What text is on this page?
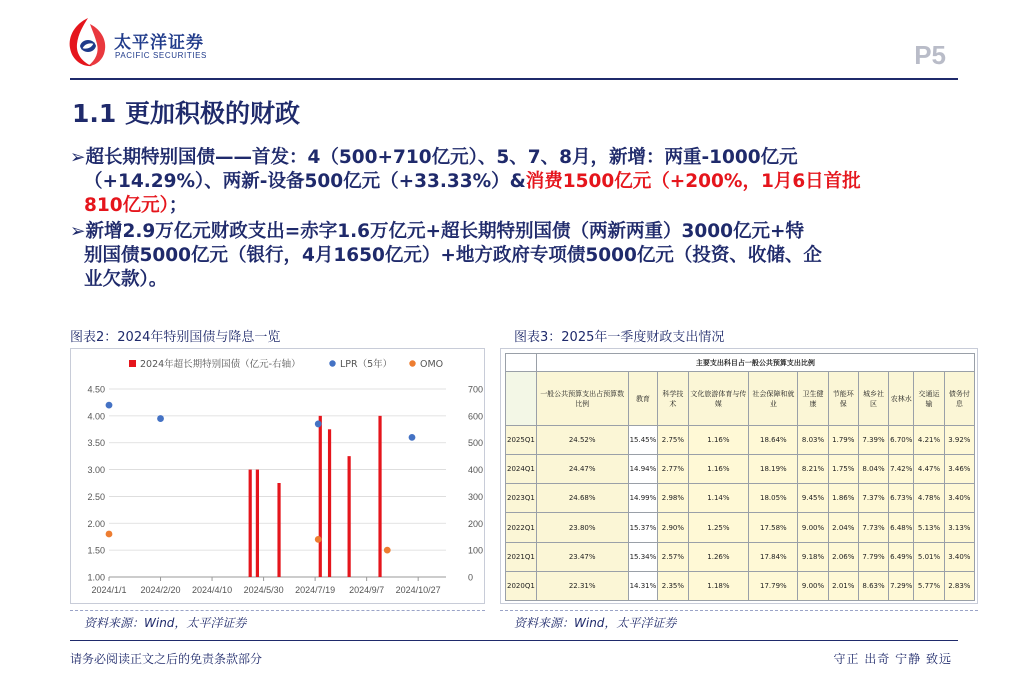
太平洋证券
PACIFIC SECURITIES	P5
1.1 更加积极的财政
➢超长期特别国债——首发：4（500+710亿元）、5、7、8月，新增：两重-1000亿元
（+14.29%）、两新-设备500亿元（+33.33%）&消费1500亿元（+200%，1月6日首批
810亿元）；
➢新增2.9万亿元财政支出=赤字1.6万亿元+超长期特别国债（两新两重）3000亿元+特
别国债5000亿元（银行，4月1650亿元）+地方政府专项债5000亿元（投资、收储、企
业欠款）。
图表2：2024年特别国债与降息一览	图表3：2025年一季度财政支出情况
2024年超长期特别国债（亿元-右轴）	LPR（5年）	OMO
1.00
1.50
2.00
2.50
3.00
3.50
4.00
4.50
0
100
200
300
400
500
600
700
2024/1/1 2024/2/20 2024/4/10 2024/5/30 2024/7/19 2024/9/7 2024/10/27
	主要支出科目占一般公共预算支出比例										
	一般公共预算支出占预算数比例	教育	科学技术	文化旅游体育与传媒	社会保障和就业	卫生健康	节能环保	城乡社区	农林水	交通运输	债务付息
2025Q1	24.52%	15.45%	2.75%	1.16%	18.64%	8.03%	1.79%	7.39%	6.70%	4.21%	3.92%
2024Q1	24.47%	14.94%	2.77%	1.16%	18.19%	8.21%	1.75%	8.04%	7.42%	4.47%	3.46%
2023Q1	24.68%	14.99%	2.98%	1.14%	18.05%	9.45%	1.86%	7.37%	6.73%	4.78%	3.40%
2022Q1	23.80%	15.37%	2.90%	1.25%	17.58%	9.00%	2.04%	7.73%	6.48%	5.13%	3.13%
2021Q1	23.47%	15.34%	2.57%	1.26%	17.84%	9.18%	2.06%	7.79%	6.49%	5.01%	3.40%
2020Q1	22.31%	14.31%	2.35%	1.18%	17.79%	9.00%	2.01%	8.63%	7.29%	5.77%	2.83%
资料来源：Wind，太平洋证券	资料来源：Wind，太平洋证券
请务必阅读正文之后的免责条款部分	守正 出奇 宁静 致远
